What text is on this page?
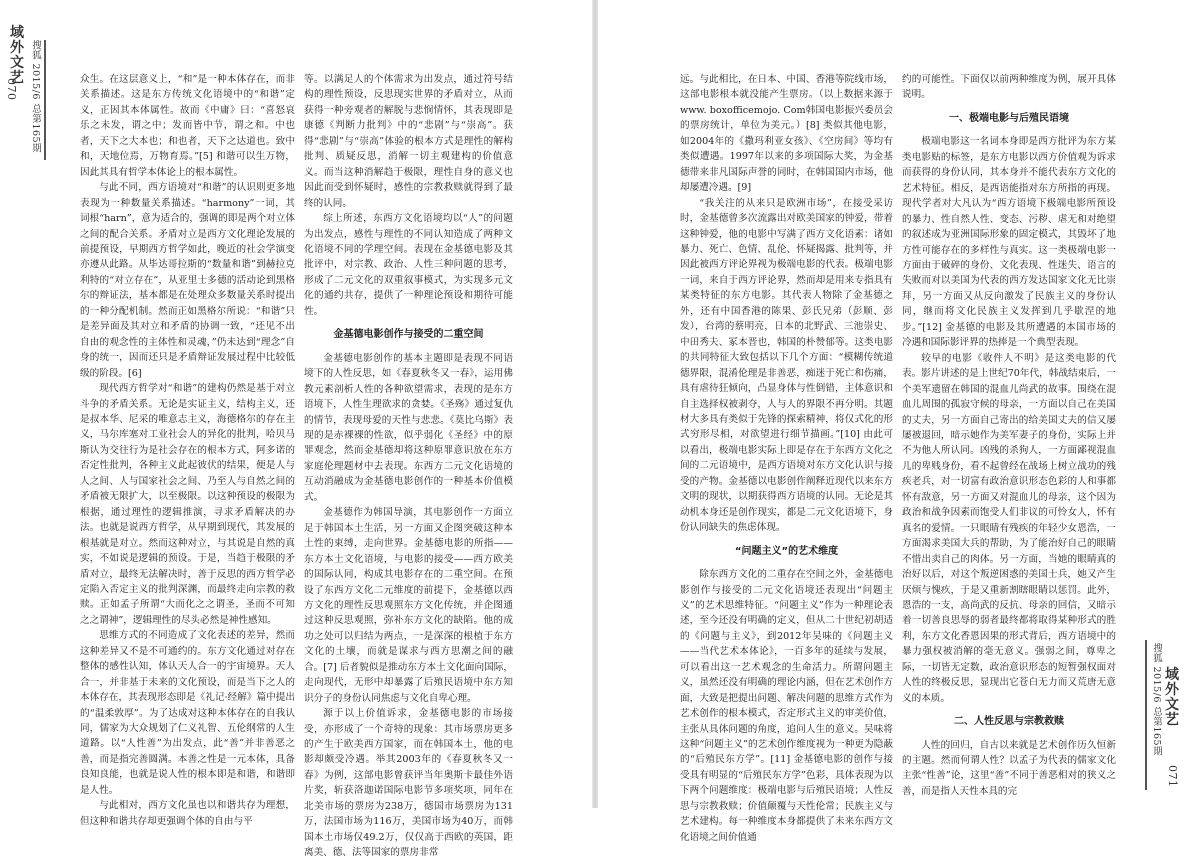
域外文艺 搜狐 2015/6 总第165期
070	众生。在这层意义上，“和”是一种本体存在，而非关系描述。这是东方传统文化语境中的“和谐”定义，正因其本体属性。故而《中庸》曰：“喜怒哀乐之未发，谓之中；发而皆中节，谓之和。中也者，天下之大本也；和也者，天下之达道也。致中和，天地位焉，万物育焉。”[5] 和谐可以生万物，因此其具有哲学本体论上的根本属性。

与此不同，西方语境对“和谐”的认识则更多地表现为一种数量关系描述。“harmony”一词，其词根“harn”，意为适合的，强调的即是两个对立体之间的配合关系。矛盾对立是西方文化理论发展的前提预设，早期西方哲学如此，晚近的社会学演变亦遵从此路。从毕达哥拉斯的“数量和谐”到赫拉克利特的“对立存在”，从亚里士多德的活动论到黑格尔的辩证法，基本都是在处理众多数量关系时提出的一种分配机制。然而正如黑格尔所说：“和谐”只是差异面及其对立和矛盾的协调一致，“还见不出自由的观念性的主体性和灵魂，”仍未达到“理念”自身的统一，因而还只是矛盾辩证发展过程中比较低级的阶段。[6]

现代西方哲学对“和谐”的建构仍然是基于对立斗争的矛盾关系。无论是实证主义，结构主义，还是叔本华、尼采的唯意志主义，海德格尔的存在主义，马尔库塞对工业社会人的异化的批判，哈贝马斯认为交往行为是社会存在的根本方式，阿多诺的否定性批判，各种主义此起彼伏的结果，便是人与人之间、人与国家社会之间、乃至人与自然之间的矛盾被无限扩大，以至极限。以这种预设的极限为根据，通过理性的逻辑推演，寻求矛盾解决的办法。也就是说西方哲学，从早期到现代，其发展的根基就是对立。然而这种对立，与其说是自然的真实，不如说是逻辑的预设。于是，当趋于极限的矛盾对立，最终无法解决时，善于反思的西方哲学必定陷入否定主义的批判深渊，而最终走向宗教的救赎。正如孟子所谓“大而化之之谓圣，圣而不可知之之谓神”，逻辑理性的尽头必然是神性感知。

思维方式的不同造成了文化表述的差异，然而这种差异又不是不可通约的。东方文化通过对存在整体的感性认知，体认天人合一的宇宙境界。天人合一，并非基于未来的文化预设，而是当下之人的本体存在，其表现形态即是《礼记·经解》篇中提出的“温柔敦厚”。为了达成对这种本体存在的自我认同，儒家为大众规划了仁义礼智、五伦纲常的人生道路。以“人性善”为出发点，此“善”并非善恶之善，而是指完善圆满。本善之性是一元本体，具备良知良能，也就是说人性的根本即是和谐，和谐即是人性。

与此相对，西方文化虽也以和谐共存为理想，但这种和谐共存却更强调个体的自由与平

等。以满足人的个体需求为出发点，通过符号结构的理性预设，反思现实世界的矛盾对立，从而获得一种旁观者的解脱与悲悯情怀，其表现即是康德《判断力批判》中的“悲剧”与“崇高”。获得“悲剧”与“崇高”体验的根本方式是理性的解构批判、质疑反思，消解一切主观建构的价值意义。而当这种消解趋于极限，理性自身的意义也因此而受到怀疑时，感性的宗教救赎就得到了最终的认同。

综上所述，东西方文化语境均以“人”的问题为出发点，感性与理性的不同认知造成了两种文化语境不同的学理空间。表现在金基德电影及其批评中，对宗教、政治、人性三种问题的思考，形成了二元文化的双重叙事模式，为实现多元文化的通约共存，提供了一种理论预设和期待可能性。

金基德电影创作与接受的二重空间

金基德电影创作的基本主题即是表现不同语境下的人性反思，如《春夏秋冬又一春》，运用佛教元素剖析人性的各种欲望需求，表现的是东方语境下，人性生理欲求的贪婪。《圣殇》通过复仇的情节，表现母爱的天性与悲悲。《莫比乌斯》表现的是赤裸裸的性欲，似乎弱化《圣经》中的原罪观念，然而金基德却将这种原罪意识放在东方家庭伦理题材中去表现。东西方二元文化语境的互动消融成为金基德电影创作的一种基本价值模式。

金基德作为韩国导演，其电影创作一方面立足于韩国本土生活，另一方面又企图突破这种本土性的束缚，走向世界。金基德电影的所指——东方本土文化语境，与电影的接受——西方欧美的国际认同，构成其电影存在的二重空间。在预设了东西方文化二元维度的前提下，金基德以西方文化的理性反思观照东方文化传统，并企图通过这种反思观照，弥补东方文化的缺陷。他的成功之处可以归结为两点，一是深深的根植于东方文化的土壤，而就是谋求与西方思潮之间的融合。[7] 后者貌似是推动东方本土文化面向国际，走向现代，无形中却暴露了后殖民语境中东方知识分子的身份认同焦虑与文化自卑心理。

源于以上价值诉求，金基德电影的市场接受，亦形成了一个奇特的现象：其市场票房更多的产生于欧美西方国家，而在韩国本土，他的电影却颇受冷遇。举其2003年的《春夏秋冬又一春》为例，这部电影曾获评当年奥斯卡最佳外语片奖，斩获洛迦诺国际电影节多项奖项，同年在北美市场的票房为238万，德国市场票房为131万，法国市场为116万，美国市场为40万，而韩国本土市场仅49.2万，仅仅高于西欧的英国，距离美、德、法等国家的票房非常

远。与此相比，在日本、中国、香港等院线市场，这部电影根本就没能产生票房。（以上数据来源于www. boxofficemojo. Com韩国电影振兴委员会的票房统计，单位为美元。）[8] 类似其他电影，如2004年的《撒玛利亚女孩》、《空房间》等均有类似遭遇。1997年以来的多项国际大奖，为金基德带来非凡国际声誉的同时，在韩国国内市场，他却屡遭冷遇。[9]

“我关注的从来只是欧洲市场”，在接受采访时，金基德曾多次流露出对欧美国家的钟爱，带着这种钟爱，他的电影中写满了西方文化语素：诸如暴力、死亡、色情、乱伦、怀疑揭露、批判等，并因此被西方评论界视为极端电影的代表。极端电影一词，来自于西方评论界，然而却是用来专指具有某类特征的东方电影。其代表人物除了金基德之外，还有中国香港的陈果、彭氏兄弟（彭顺、彭发），台湾的蔡明亮，日本的北野武、三池崇史、中田秀夫、冢本晋也，韩国的朴赞郁等。这类电影的共同特征大致包括以下几个方面：“模糊传统道德界限，混淆伦理是非善恶，痴迷于死亡和伤痛，具有虐待狂倾向，凸显身体与性倒错，主体意识和自主选择权被剥夺，人与人的界限不再分明。其题材大多具有类似于先锋的探索精神，将仅式化的形式穷形尽相，对欲望进行细节描画。”[10] 由此可以看出，极端电影实际上即是存在于东西方文化之间的二元语境中，是西方语境对东方文化认识与接受的产物。金基德以电影创作阐释近现代以来东方文明的现状，以期获得西方语境的认同。无论是其动机本身还是创作现实，都是二元文化语境下，身份认同缺失的焦虑体现。

“问题主义”的艺术维度

除东西方文化的二重存在空间之外，金基德电影创作与接受的二元文化语境还表现出“问题主义”的艺术思维特征。“问题主义”作为一种理论表述，至今还没有明确的定义，但从二十世纪初胡适的《问题与主义》，到2012年吴味的《问题主义——当代艺术本体论》，一百多年的延续与发展，可以看出这一艺术观念的生命活力。所谓问题主义，虽然还没有明确的理论内涵，但在艺术创作方面，大致是把提出问题、解决问题的思维方式作为艺术创作的根本模式，否定形式主义的审美价值，主张从具体问题的角度，追问人生的意义。吴味将这种“问题主义”的艺术创作维度视为一种更为隐蔽的“后殖民东方学”。[11] 金基德电影的创作与接受具有明显的“后殖民东方学”色彩，具体表现为以下两个问题维度：极端电影与后殖民语境；人性反思与宗教救赎；价值颠覆与天性伦常；民族主义与艺术建构。每一种维度本身都提供了未来东西方文化语境之间价值通

约的可能性。下面仅以前两种维度为例，展开具体说明。

一、极端电影与后殖民语境

极端电影这一名词本身即是西方批评为东方某类电影贴的标签，是东方电影以西方价值观为诉求而获得的身份认同，其本身并不能代表东方文化的艺术特征。相反，是西语能指对东方所指的再现。现代学者对大凡认为“西方语境下极端电影所预设的暴力、性自然人性、变态、污秽、虐无和对绝望的叙述成为亚洲国际形象的固定模式，其毁坏了地方性可能存在的多样性与真实。这一类极端电影一方面由于破碎的身份、文化表现、性迷失、语言的失败而对以美国为代表的西方发达国家文化无比崇拜，另一方面又从反向激发了民族主义的身份认同，继而将文化民族主义发挥到几乎歇涅的地步。”[12] 金基德的电影及其所遭遇的本国市场的冷遇和国际影评界的热捧是一个典型表现。

较早的电影《收件人不明》是这类电影的代表。影片讲述的是上世纪70年代，韩战结束后，一个美军遗留在韩国的混血儿尚武的故事。围绕在混血儿周围的孤寂守候的母亲，一方面以自己在美国的丈夫，另一方面自己寄出的给美国丈夫的信又屡屡被退回，暗示她作为美军妻子的身份，实际上并不为他人所认同。凶残的杀狗人，一方面鄙视混血儿的卑贱身份，看不起曾经在战场上树立战功的残疾老兵，对一切富有政治意识形态色彩的人和事都怀有敌意，另一方面又对混血儿的母亲，这个因为政治和战争因素而饱受人们非议的可怜女人，怀有真名的爱情。一只眼睛有残疾的年轻少女恩浩，一方面渴求美国大兵的帮助，为了能治好自己的眼睛不惜出卖自己的肉体。另一方面，当她的眼睛真的治好以后，对这个叛逆困惑的美国士兵，她又产生厌烦与愧疚，于是又重新割瞎眼睛以惩罚。此外，恩浩的一支，高尚武的反抗、母亲的回信，又暗示着一切善良思辱的弱者最终都将取得某种形式的胜利，东方文化香恩因果的形式背后，西方语境中的暴力强权被消解的毫无意义。强弱之间，尊卑之际，一切皆无定数，政治意识形态的短暂强权面对人性的终极反思，显现出它苍白无力而又荒唐无意义的本质。

二、人性反思与宗教救赎

人性的回归，自古以来就是艺术创作历久恒新的主题。然而何谓人性？以孟子为代表的儒家文化主张“性善”论，这里“善”不同于善恶相对的狭义之善，而是指人天性本具的完

搜狐 2015/6 总第165期 域外文艺
071
